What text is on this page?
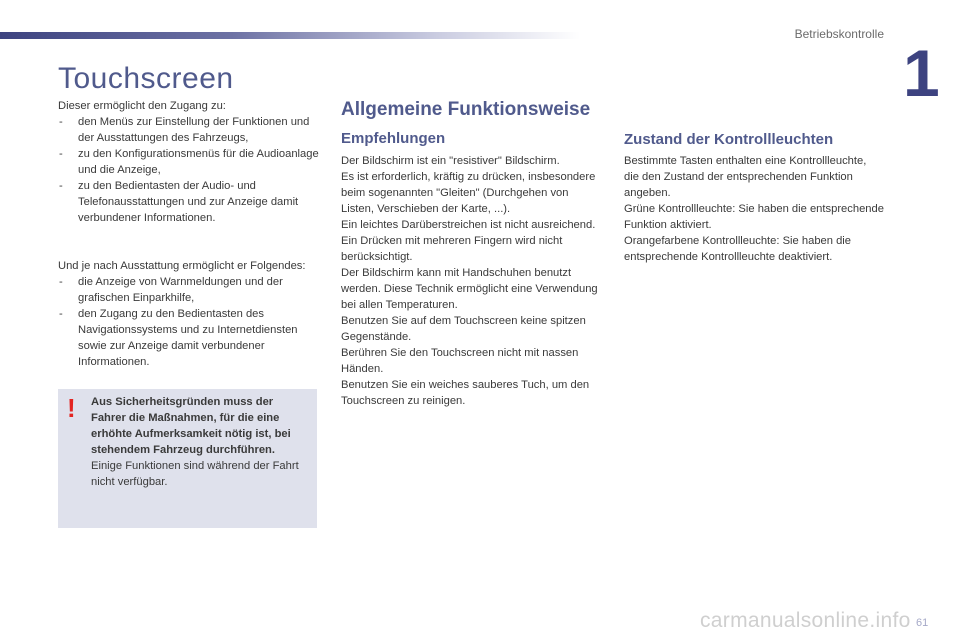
Betriebskontrolle
1
Touchscreen

Dieser ermöglicht den Zugang zu:

- den Menüs zur Einstellung der Funktionen und der Ausstattungen des Fahrzeugs,
- zu den Konfigurationsmenüs für die Audioanlage und die Anzeige,
- zu den Bedientasten der Audio- und Telefonausstattungen und zur Anzeige damit verbundener Informationen.

Und je nach Ausstattung ermöglicht er Folgendes:

- die Anzeige von Warnmeldungen und der grafischen Einparkhilfe,
- den Zugang zu den Bedientasten des Navigationssystems und zu Internetdiensten sowie zur Anzeige damit verbundener Informationen.
! Aus Sicherheitsgründen muss der Fahrer die Maßnahmen, für die eine erhöhte Aufmerksamkeit nötig ist, bei stehendem Fahrzeug durchführen.

Einige Funktionen sind während der Fahrt nicht verfügbar.

Allgemeine Funktionsweise
Empfehlungen

Der Bildschirm ist ein "resistiver" Bildschirm.

Es ist erforderlich, kräftig zu drücken, insbesondere beim sogenannten "Gleiten" (Durchgehen von Listen, Verschieben der Karte, ...).

Ein leichtes Darüberstreichen ist nicht ausreichend.

Ein Drücken mit mehreren Fingern wird nicht berücksichtigt.

Der Bildschirm kann mit Handschuhen benutzt werden. Diese Technik ermöglicht eine Verwendung bei allen Temperaturen.

Benutzen Sie auf dem Touchscreen keine spitzen Gegenstände.

Berühren Sie den Touchscreen nicht mit nassen Händen.

Benutzen Sie ein weiches sauberes Tuch, um den Touchscreen zu reinigen.

Zustand der Kontrollleuchten

Bestimmte Tasten enthalten eine Kontrollleuchte, die den Zustand der entsprechenden Funktion angeben.

Grüne Kontrollleuchte: Sie haben die entsprechende Funktion aktiviert.

Orangefarbene Kontrollleuchte: Sie haben die entsprechende Kontrollleuchte deaktiviert.

carmanualsonline.info 61
